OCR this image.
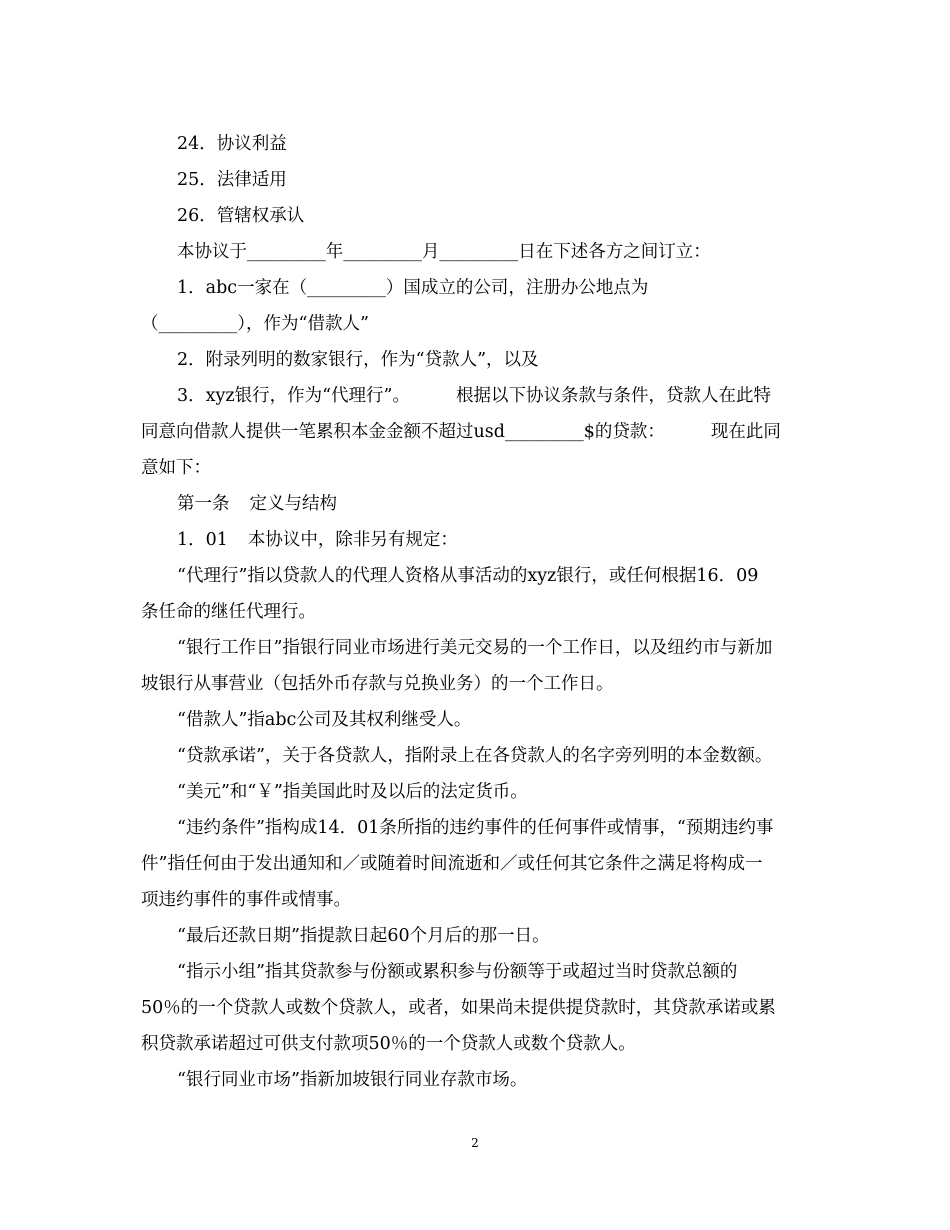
24．协议利益
25．法律适用
26．管辖权承认
本协议于_________年_________月_________日在下述各方之间订立：
1．abc一家在（_________）国成立的公司，注册办公地点为
（_________），作为“借款人”
2．附录列明的数家银行，作为“贷款人”，以及
3．xyz银行，作为“代理行”。	根据以下协议条款与条件，贷款人在此特
同意向借款人提供一笔累积本金金额不超过usd_________$的贷款：	现在此同
意如下：
第一条 定义与结构
1．01 本协议中，除非另有规定：
“代理行”指以贷款人的代理人资格从事活动的xyz银行，或任何根据16．09
条任命的继任代理行。
“银行工作日”指银行同业市场进行美元交易的一个工作日，以及纽约市与新加
坡银行从事营业（包括外币存款与兑换业务）的一个工作日。
“借款人”指abc公司及其权利继受人。
“贷款承诺”，关于各贷款人，指附录上在各贷款人的名字旁列明的本金数额。
“美元”和“￥”指美国此时及以后的法定货币。
“违约条件”指构成14．01条所指的违约事件的任何事件或情事，“预期违约事
件”指任何由于发出通知和／或随着时间流逝和／或任何其它条件之满足将构成一
项违约事件的事件或情事。
“最后还款日期”指提款日起60个月后的那一日。
“指示小组”指其贷款参与份额或累积参与份额等于或超过当时贷款总额的
50％的一个贷款人或数个贷款人，或者，如果尚未提供提贷款时，其贷款承诺或累
积贷款承诺超过可供支付款项50％的一个贷款人或数个贷款人。
“银行同业市场”指新加坡银行同业存款市场。
2
